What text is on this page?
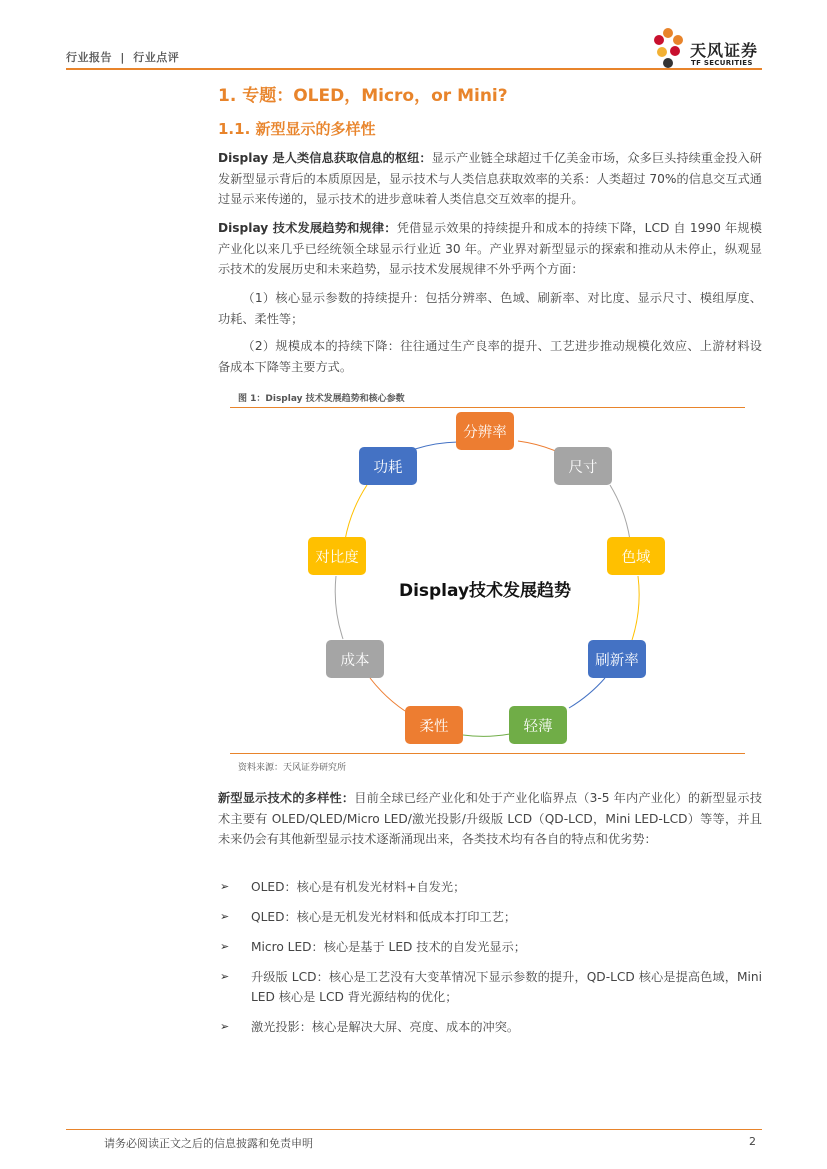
行业报告 | 行业点评	天风证券
TF SECURITIES
1. 专题：OLED，Micro，or Mini?
1.1. 新型显示的多样性
Display 是人类信息获取信息的枢纽：显示产业链全球超过千亿美金市场，众多巨头持续重金投入研发新型显示背后的本质原因是，显示技术与人类信息获取效率的关系：人类超过 70%的信息交互式通过显示来传递的，显示技术的进步意味着人类信息交互效率的提升。
Display 技术发展趋势和规律：凭借显示效果的持续提升和成本的持续下降，LCD 自 1990 年规模产业化以来几乎已经统领全球显示行业近 30 年。产业界对新型显示的探索和推动从未停止，纵观显示技术的发展历史和未来趋势，显示技术发展规律不外乎两个方面：
（1）核心显示参数的持续提升：包括分辨率、色域、刷新率、对比度、显示尺寸、模组厚度、功耗、柔性等；
（2）规模成本的持续下降：往往通过生产良率的提升、工艺进步推动规模化效应、上游材料设备成本下降等主要方式。
图 1：Display 技术发展趋势和核心参数
分辨率
尺寸
色域
刷新率
轻薄
柔性
成本
对比度
功耗
Display技术发展趋势
资料来源：天风证券研究所
新型显示技术的多样性：目前全球已经产业化和处于产业化临界点（3-5 年内产业化）的新型显示技术主要有 OLED/QLED/Micro LED/激光投影/升级版 LCD（QD-LCD，Mini LED-LCD）等等，并且未来仍会有其他新型显示技术逐渐涌现出来，各类技术均有各自的特点和优劣势：
➢ OLED：核心是有机发光材料+自发光；
➢ QLED：核心是无机发光材料和低成本打印工艺；
➢ Micro LED：核心是基于 LED 技术的自发光显示；
➢ 升级版 LCD：核心是工艺没有大变革情况下显示参数的提升，QD-LCD 核心是提高色域，Mini LED 核心是 LCD 背光源结构的优化；
➢ 激光投影：核心是解决大屏、亮度、成本的冲突。
请务必阅读正文之后的信息披露和免责申明	2
